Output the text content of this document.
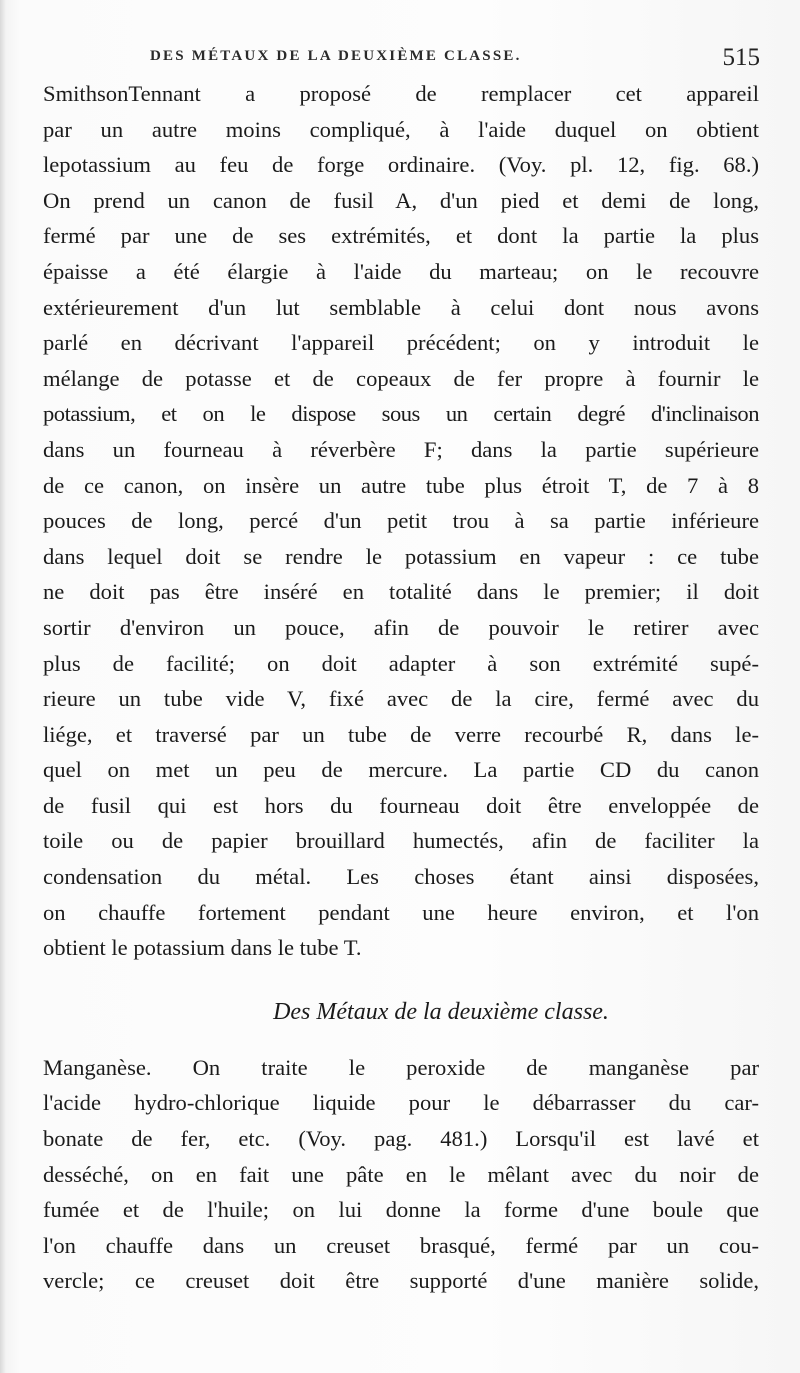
DES MÉTAUX DE LA DEUXIÈME CLASSE.	515
SmithsonTennant a proposé de remplacer cet appareil
par un autre moins compliqué, à l'aide duquel on obtient
lepotassium au feu de forge ordinaire. (Voy. pl. 12, fig. 68.)
On prend un canon de fusil A, d'un pied et demi de long,
fermé par une de ses extrémités, et dont la partie la plus
épaisse a été élargie à l'aide du marteau; on le recouvre
extérieurement d'un lut semblable à celui dont nous avons
parlé en décrivant l'appareil précédent; on y introduit le
mélange de potasse et de copeaux de fer propre à fournir le
potassium, et on le dispose sous un certain degré d'inclinaison
dans un fourneau à réverbère F; dans la partie supérieure
de ce canon, on insère un autre tube plus étroit T, de 7 à 8
pouces de long, percé d'un petit trou à sa partie inférieure
dans lequel doit se rendre le potassium en vapeur : ce tube
ne doit pas être inséré en totalité dans le premier; il doit
sortir d'environ un pouce, afin de pouvoir le retirer avec
plus de facilité; on doit adapter à son extrémité supé-
rieure un tube vide V, fixé avec de la cire, fermé avec du
liége, et traversé par un tube de verre recourbé R, dans le-
quel on met un peu de mercure. La partie CD du canon
de fusil qui est hors du fourneau doit être enveloppée de
toile ou de papier brouillard humectés, afin de faciliter la
condensation du métal. Les choses étant ainsi disposées,
on chauffe fortement pendant une heure environ, et l'on
obtient le potassium dans le tube T.
Des Métaux de la deuxième classe.
Manganèse. On traite le peroxide de manganèse par
l'acide hydro-chlorique liquide pour le débarrasser du car-
bonate de fer, etc. (Voy. pag. 481.) Lorsqu'il est lavé et
desséché, on en fait une pâte en le mêlant avec du noir de
fumée et de l'huile; on lui donne la forme d'une boule que
l'on chauffe dans un creuset brasqué, fermé par un cou-
vercle; ce creuset doit être supporté d'une manière solide,
